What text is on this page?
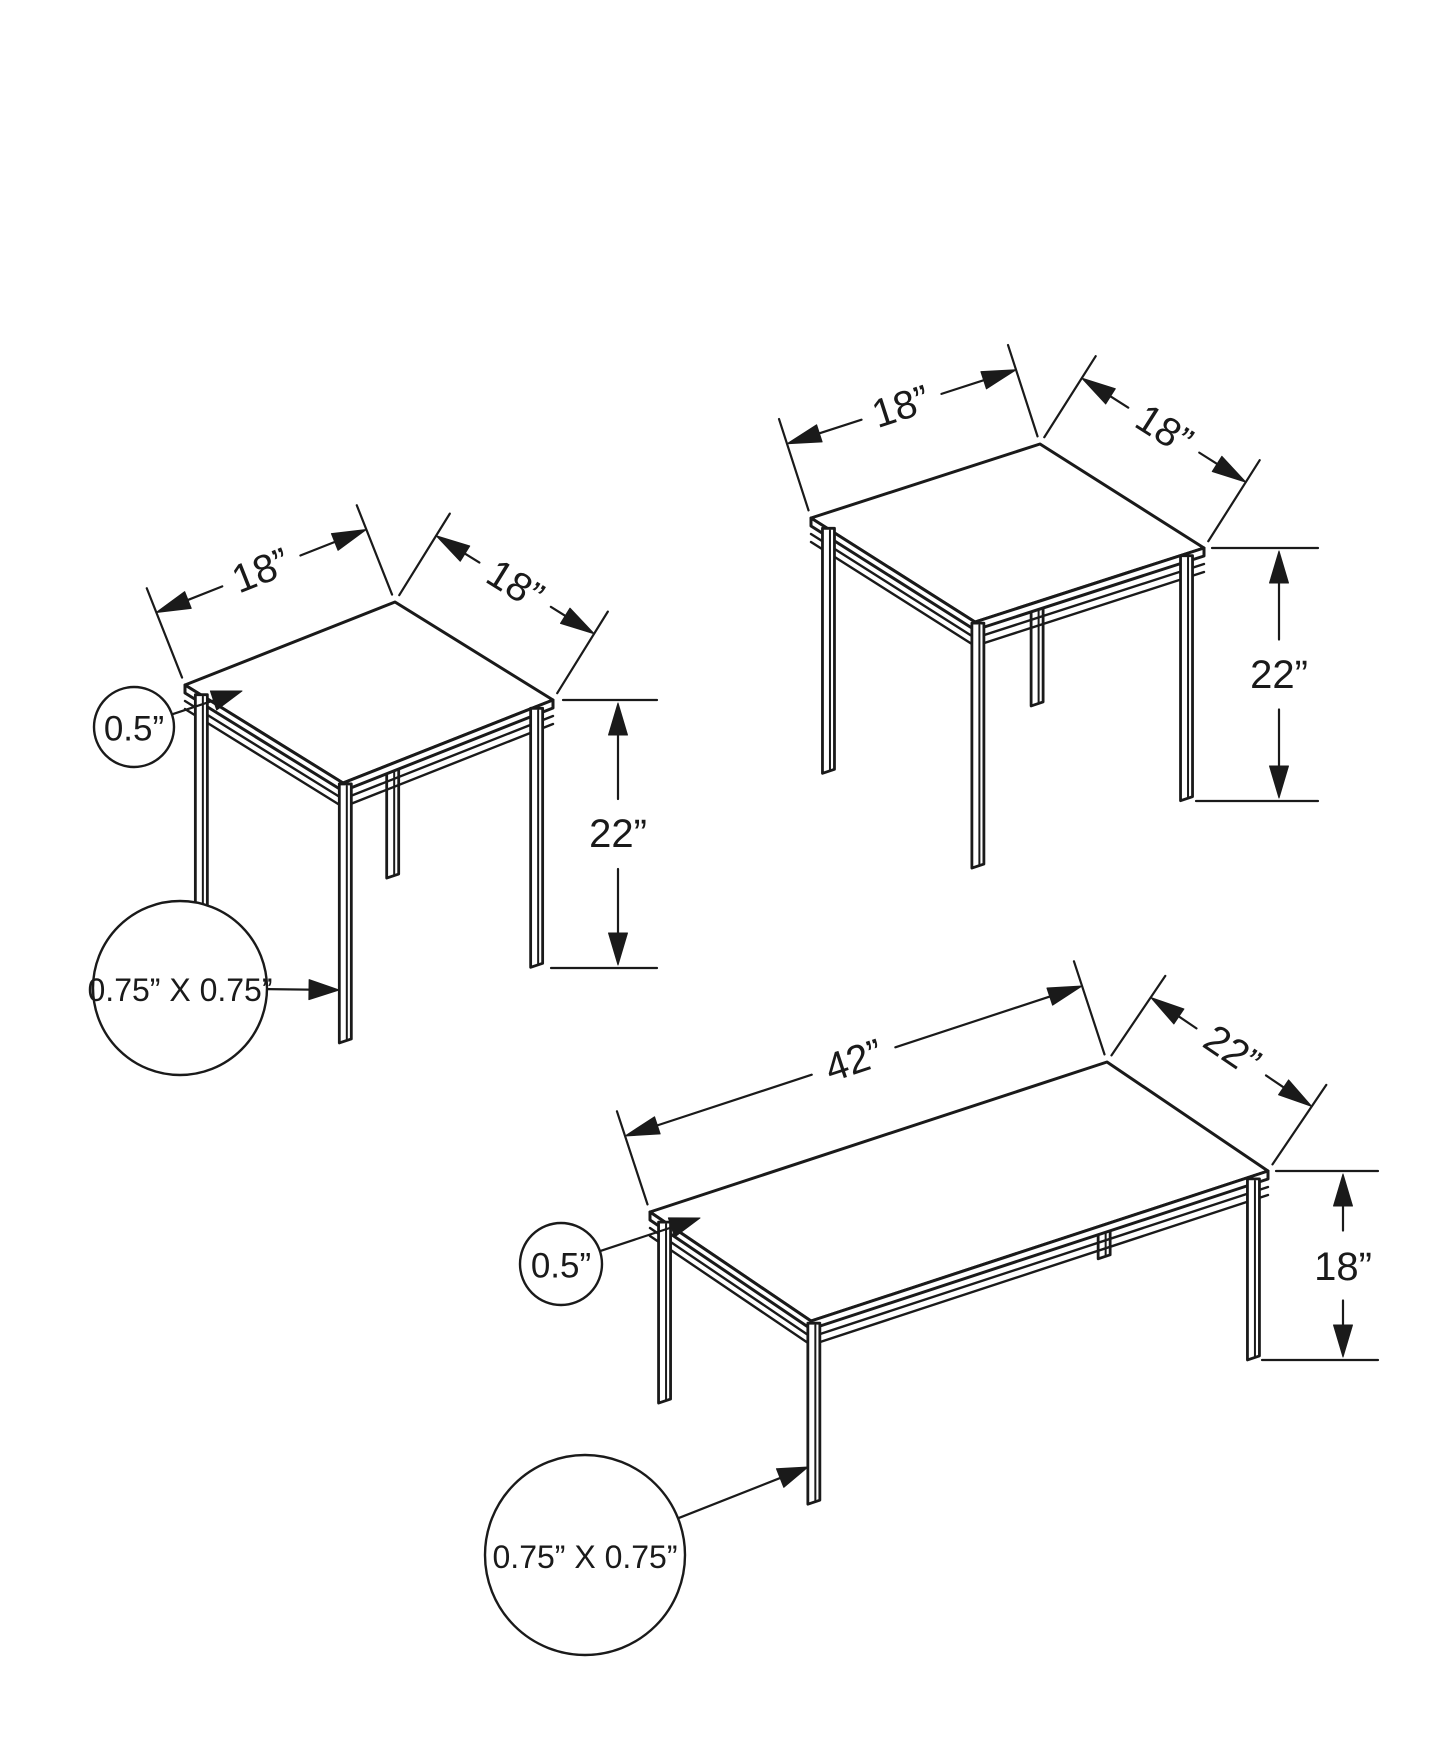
18”	18”
22”
0.5”
0.75” X 0.75”
18”	18”
22”
42”	22”
18”
0.5”
0.75” X 0.75”
